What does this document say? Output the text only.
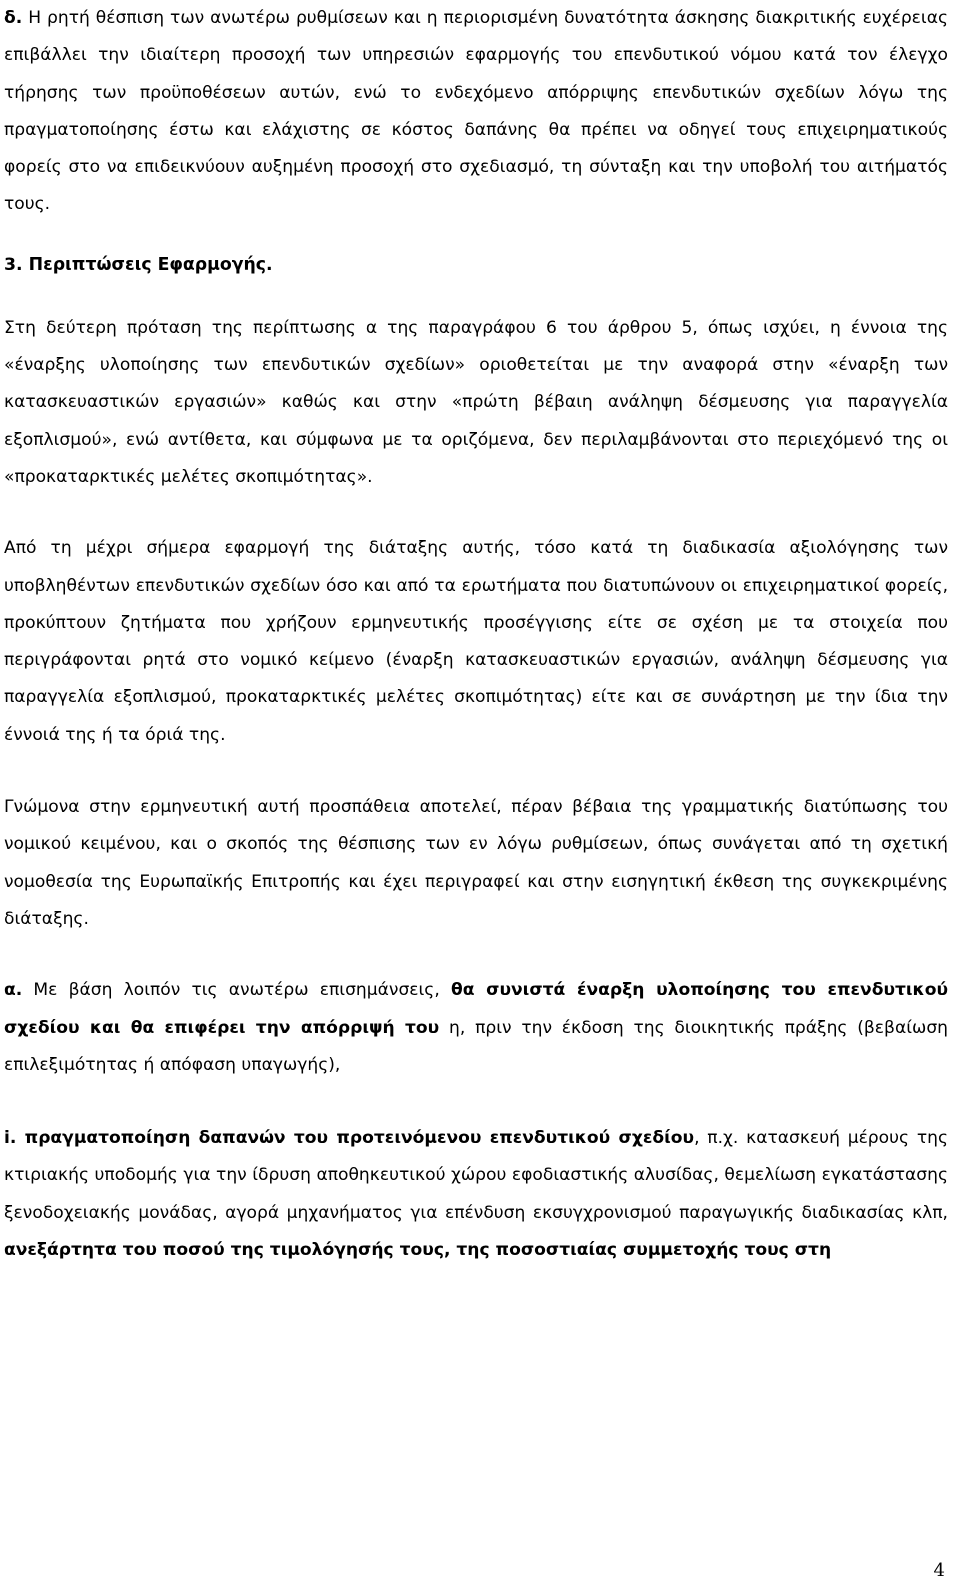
δ. Η ρητή θέσπιση των ανωτέρω ρυθμίσεων και η περιορισμένη δυνατότητα άσκησης διακριτικής ευχέρειας επιβάλλει την ιδιαίτερη προσοχή των υπηρεσιών εφαρμογής του επενδυτικού νόμου κατά τον έλεγχο τήρησης των προϋποθέσεων αυτών, ενώ το ενδεχόμενο απόρριψης επενδυτικών σχεδίων λόγω της πραγματοποίησης έστω και ελάχιστης σε κόστος δαπάνης θα πρέπει να οδηγεί τους επιχειρηματικούς φορείς στο να επιδεικνύουν αυξημένη προσοχή στο σχεδιασμό, τη σύνταξη και την υποβολή του αιτήματός τους.

3. Περιπτώσεις Εφαρμογής.

Στη δεύτερη πρόταση της περίπτωσης α της παραγράφου 6 του άρθρου 5, όπως ισχύει, η έννοια της «έναρξης υλοποίησης των επενδυτικών σχεδίων» οριοθετείται με την αναφορά στην «έναρξη των κατασκευαστικών εργασιών» καθώς και στην «πρώτη βέβαιη ανάληψη δέσμευσης για παραγγελία εξοπλισμού», ενώ αντίθετα, και σύμφωνα με τα οριζόμενα, δεν περιλαμβάνονται στο περιεχόμενό της οι «προκαταρκτικές μελέτες σκοπιμότητας».

Από τη μέχρι σήμερα εφαρμογή της διάταξης αυτής, τόσο κατά τη διαδικασία αξιολόγησης των υποβληθέντων επενδυτικών σχεδίων όσο και από τα ερωτήματα που διατυπώνουν οι επιχειρηματικοί φορείς, προκύπτουν ζητήματα που χρήζουν ερμηνευτικής προσέγγισης είτε σε σχέση με τα στοιχεία που περιγράφονται ρητά στο νομικό κείμενο (έναρξη κατασκευαστικών εργασιών, ανάληψη δέσμευσης για παραγγελία εξοπλισμού, προκαταρκτικές μελέτες σκοπιμότητας) είτε και σε συνάρτηση με την ίδια την έννοιά της ή τα όριά της.

Γνώμονα στην ερμηνευτική αυτή προσπάθεια αποτελεί, πέραν βέβαια της γραμματικής διατύπωσης του νομικού κειμένου, και ο σκοπός της θέσπισης των εν λόγω ρυθμίσεων, όπως συνάγεται από τη σχετική νομοθεσία της Ευρωπαϊκής Επιτροπής και έχει περιγραφεί και στην εισηγητική έκθεση της συγκεκριμένης διάταξης.

α. Με βάση λοιπόν τις ανωτέρω επισημάνσεις, θα συνιστά έναρξη υλοποίησης του επενδυτικού σχεδίου και θα επιφέρει την απόρριψή του η, πριν την έκδοση της διοικητικής πράξης (βεβαίωση επιλεξιμότητας ή απόφαση υπαγωγής),

i. πραγματοποίηση δαπανών του προτεινόμενου επενδυτικού σχεδίου, π.χ. κατασκευή μέρους της κτιριακής υποδομής για την ίδρυση αποθηκευτικού χώρου εφοδιαστικής αλυσίδας, θεμελίωση εγκατάστασης ξενοδοχειακής μονάδας, αγορά μηχανήματος για επένδυση εκσυγχρονισμού παραγωγικής διαδικασίας κλπ, ανεξάρτητα του ποσού της τιμολόγησής τους, της ποσοστιαίας συμμετοχής τους στη

4
